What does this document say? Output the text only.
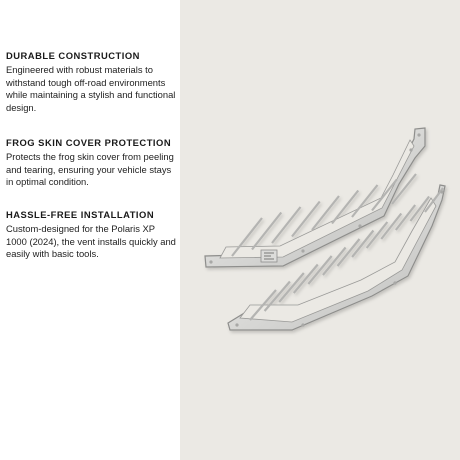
DURABLE CONSTRUCTION

Engineered with robust materials to withstand tough off-road environments while maintaining a stylish and functional design.

FROG SKIN COVER PROTECTION

Protects the frog skin cover from peeling and tearing, ensuring your vehicle stays in optimal condition.

HASSLE-FREE INSTALLATION

Custom-designed for the Polaris XP 1000 (2024), the vent installs quickly and easily with basic tools.
